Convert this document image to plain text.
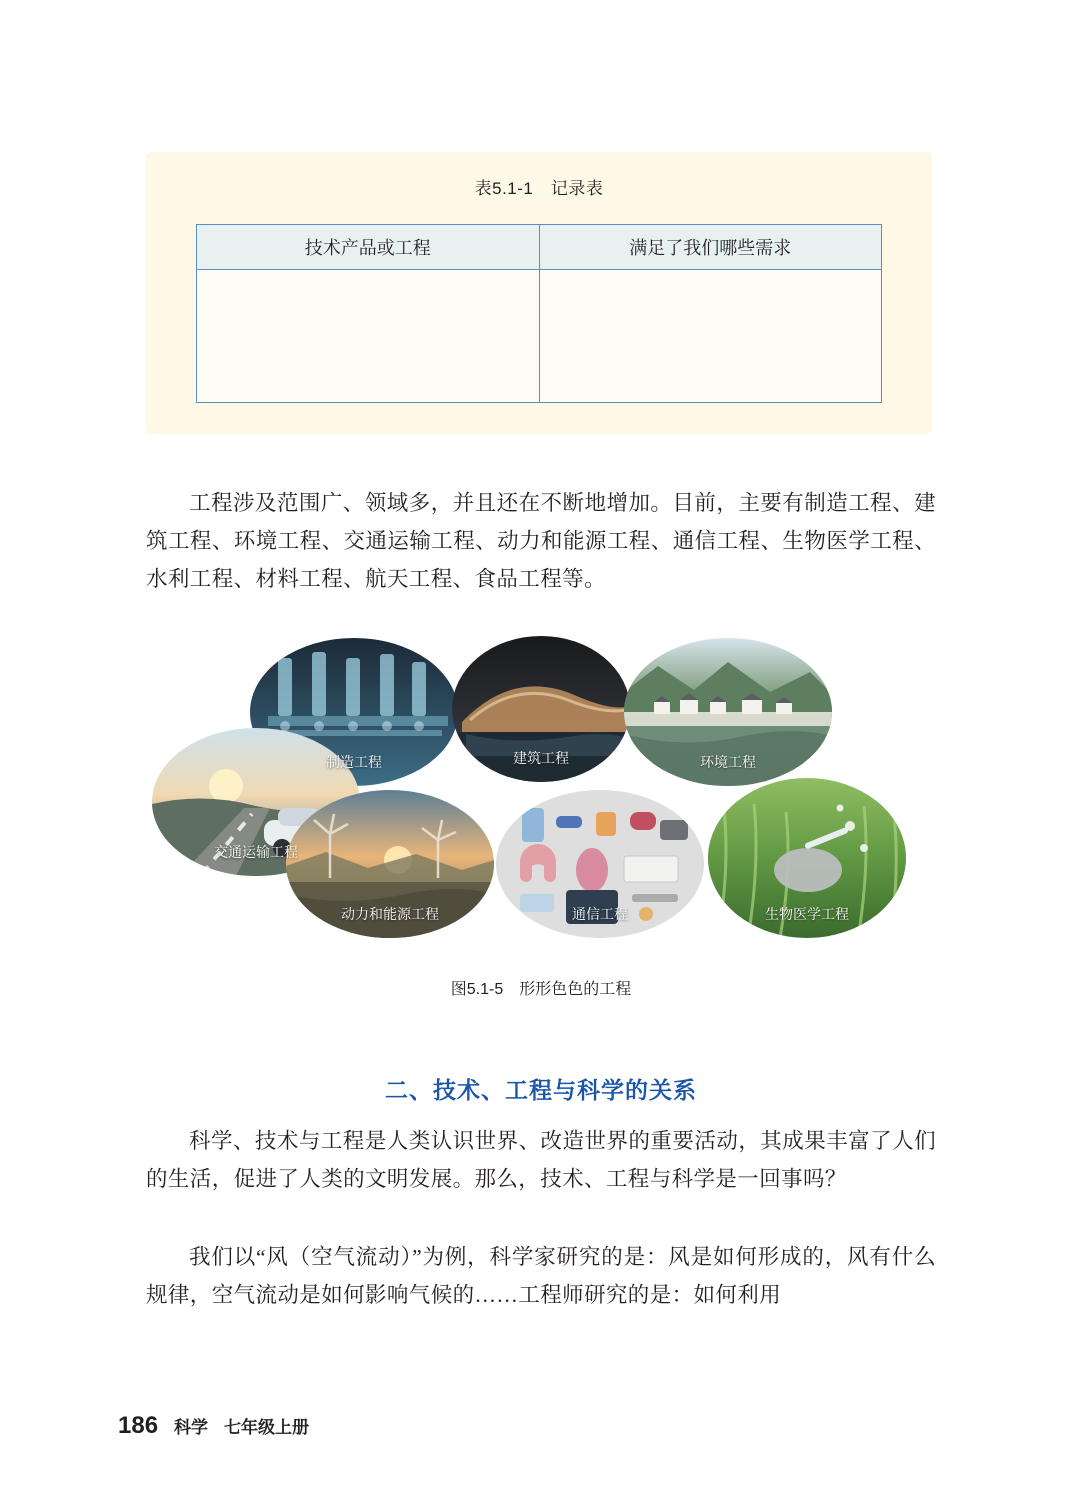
表5.1-1　记录表
技术产品或工程	满足了我们哪些需求

工程涉及范围广、领域多，并且还在不断地增加。目前，主要有制造工程、建筑工程、环境工程、交通运输工程、动力和能源工程、通信工程、生物医学工程、水利工程、材料工程、航天工程、食品工程等。
制造工程	建筑工程	环境工程
交通运输工程
动力和能源工程	通信工程	生物医学工程
图5.1-5　形形色色的工程
二、技术、工程与科学的关系
科学、技术与工程是人类认识世界、改造世界的重要活动，其成果丰富了人们的生活，促进了人类的文明发展。那么，技术、工程与科学是一回事吗？
我们以“风（空气流动）”为例，科学家研究的是：风是如何形成的，风有什么规律，空气流动是如何影响气候的……工程师研究的是：如何利用
186 科学 七年级上册
